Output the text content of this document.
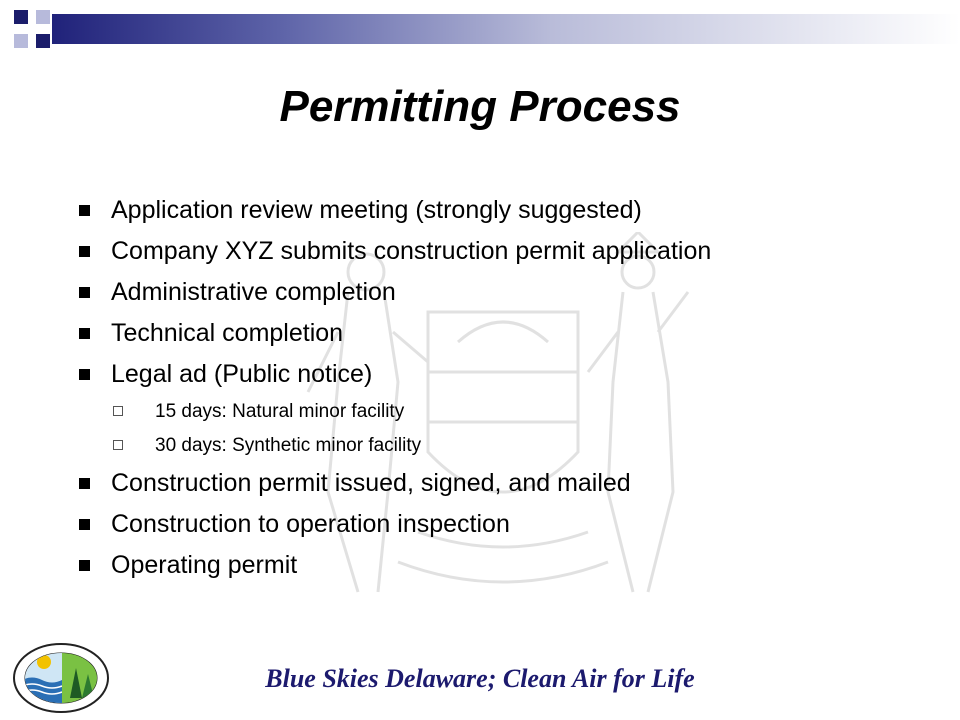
Permitting Process
Application review meeting (strongly suggested)
Company XYZ submits construction permit application
Administrative completion
Technical completion
Legal ad (Public notice)
15 days: Natural minor facility
30 days: Synthetic minor facility
Construction permit issued, signed, and mailed
Construction to operation inspection
Operating permit
Blue Skies Delaware; Clean Air for Life
